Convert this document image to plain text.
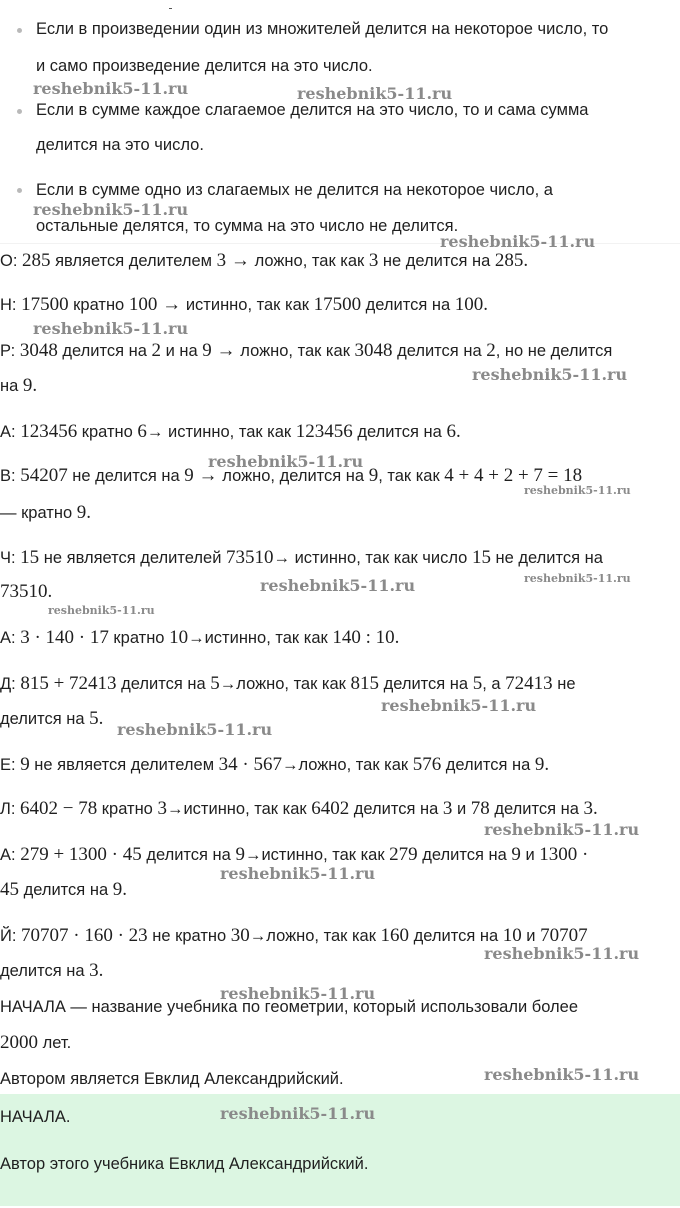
Если в произведении один из множителей делится на некоторое число, то
и само произведение делится на это число.
Если в сумме каждое слагаемое делится на это число, то и сама сумма
делится на это число.
Если в сумме одно из слагаемых не делится на некоторое число, а
остальные делятся, то сумма на это число не делится.
О: 285 является делителем 3 → ложно, так как 3 не делится на 285.
Н: 17500 кратно 100 → истинно, так как 17500 делится на 100.
Р: 3048 делится на 2 и на 9 → ложно, так как 3048 делится на 2, но не делится
на 9.
А: 123456 кратно 6→ истинно, так как 123456 делится на 6.
В: 54207 не делится на 9 → ложно, делится на 9, так как 4 + 4 + 2 + 7 = 18
— кратно 9.
Ч: 15 не является делителей 73510→ истинно, так как число 15 не делится на
73510.
А: 3 · 140 · 17 кратно 10→истинно, так как 140 : 10.
Д: 815 + 72413 делится на 5→ложно, так как 815 делится на 5, а 72413 не
делится на 5.
Е: 9 не является делителем 34 · 567→ложно, так как 576 делится на 9.
Л: 6402 − 78 кратно 3→истинно, так как 6402 делится на 3 и 78 делится на 3.
А: 279 + 1300 · 45 делится на 9→истинно, так как 279 делится на 9 и 1300 ·
45 делится на 9.
Й: 70707 · 160 · 23 не кратно 30→ложно, так как 160 делится на 10 и 70707
делится на 3.
НАЧАЛА — название учебника по геометрии, который использовали более
2000 лет.
Автором является Евклид Александрийский.
НАЧАЛА.
Автор этого учебника Евклид Александрийский.
reshebnik5-11.ru	reshebnik5-11.ru
reshebnik5-11.ru
reshebnik5-11.ru
reshebnik5-11.ru
reshebnik5-11.ru
reshebnik5-11.ru
reshebnik5-11.ru
reshebnik5-11.ru
reshebnik5-11.ru
reshebnik5-11.ru
reshebnik5-11.ru
reshebnik5-11.ru
reshebnik5-11.ru
reshebnik5-11.ru
reshebnik5-11.ru
reshebnik5-11.ru
reshebnik5-11.ru
reshebnik5-11.ru
